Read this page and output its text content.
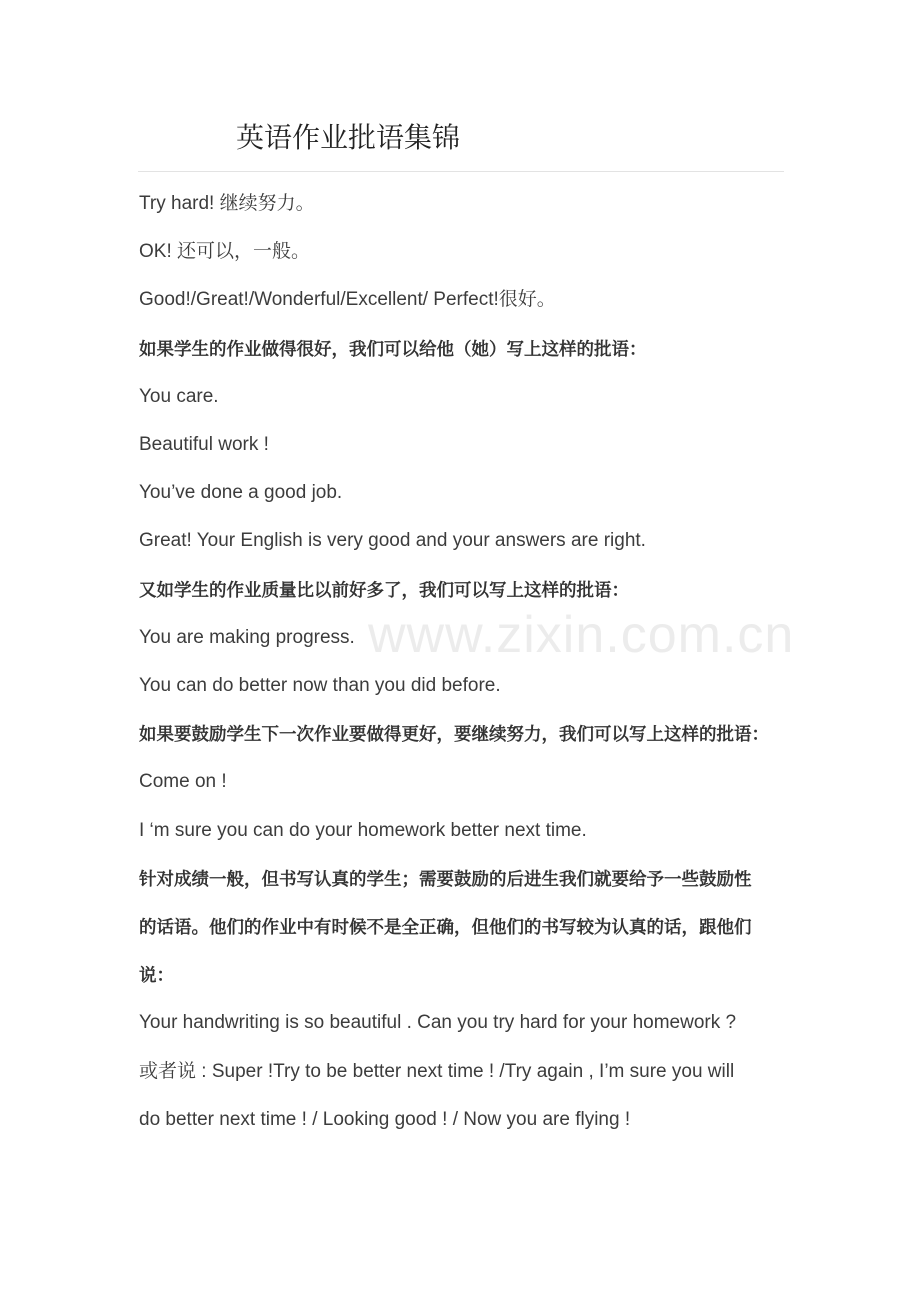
英语作业批语集锦
Try hard! 继续努力。
OK! 还可以，一般。
Good!/Great!/Wonderful/Excellent/ Perfect!很好。
如果学生的作业做得很好，我们可以给他（她）写上这样的批语：
You care.
Beautiful work !
You’ve done a good job.
Great! Your English is very good and your answers are right.
又如学生的作业质量比以前好多了，我们可以写上这样的批语：
You are making progress.
You can do better now than you did before.
如果要鼓励学生下一次作业要做得更好，要继续努力，我们可以写上这样的批语：
Come on !
I ‘m sure you can do your homework better next time.
针对成绩一般，但书写认真的学生；需要鼓励的后进生我们就要给予一些鼓励性
的话语。他们的作业中有时候不是全正确，但他们的书写较为认真的话，跟他们
说：
Your handwriting is so beautiful . Can you try hard for your homework ?
或者说 : Super !Try to be better next time ! /Try again , I’m sure you will
do better next time ! / Looking good ! / Now you are flying !
www.zixin.com.cn
